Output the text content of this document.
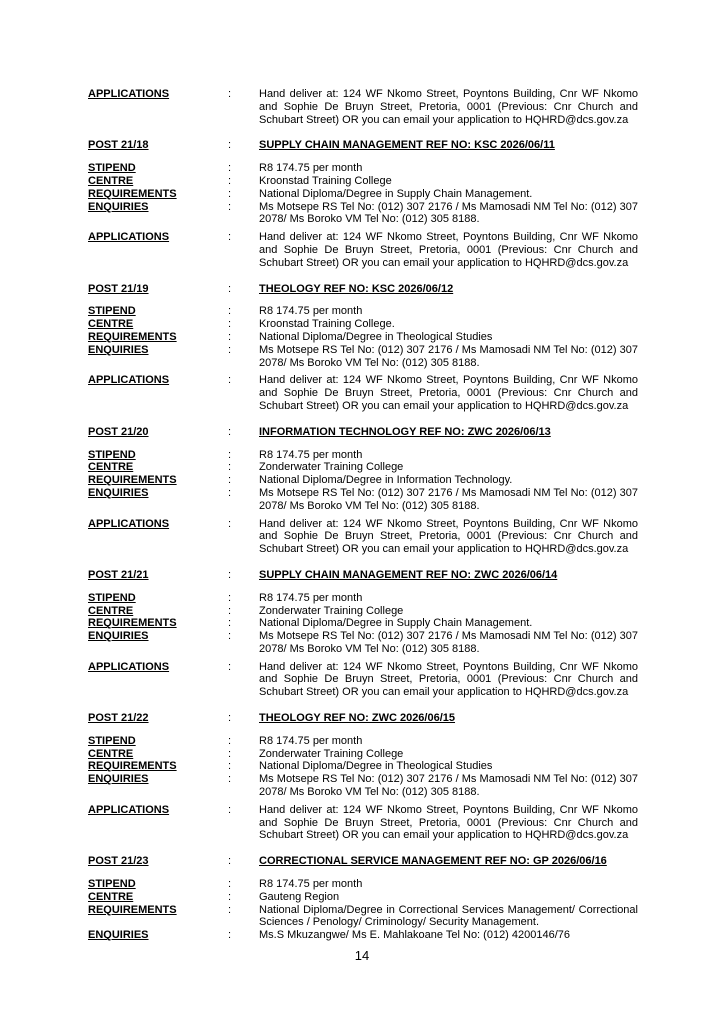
APPLICATIONS	:	Hand deliver at: 124 WF Nkomo Street, Poyntons Building, Cnr WF Nkomo and Sophie De Bruyn Street, Pretoria, 0001 (Previous: Cnr Church and Schubart Street) OR you can email your application to HQHRD@dcs.gov.za
POST 21/18	:	SUPPLY CHAIN MANAGEMENT REF NO: KSC 2026/06/11
STIPEND	:	R8 174.75 per month
CENTRE	:	Kroonstad Training College
REQUIREMENTS	:	National Diploma/Degree in Supply Chain Management.
ENQUIRIES	:	Ms Motsepe RS Tel No: (012) 307 2176 / Ms Mamosadi NM Tel No: (012) 307 2078/ Ms Boroko VM Tel No: (012) 305 8188.
APPLICATIONS	:	Hand deliver at: 124 WF Nkomo Street, Poyntons Building, Cnr WF Nkomo and Sophie De Bruyn Street, Pretoria, 0001 (Previous: Cnr Church and Schubart Street) OR you can email your application to HQHRD@dcs.gov.za
POST 21/19	:	THEOLOGY REF NO: KSC 2026/06/12
STIPEND	:	R8 174.75 per month
CENTRE	:	Kroonstad Training College.
REQUIREMENTS	:	National Diploma/Degree in Theological Studies
ENQUIRIES	:	Ms Motsepe RS Tel No: (012) 307 2176 / Ms Mamosadi NM Tel No: (012) 307 2078/ Ms Boroko VM Tel No: (012) 305 8188.
APPLICATIONS	:	Hand deliver at: 124 WF Nkomo Street, Poyntons Building, Cnr WF Nkomo and Sophie De Bruyn Street, Pretoria, 0001 (Previous: Cnr Church and Schubart Street) OR you can email your application to HQHRD@dcs.gov.za
POST 21/20	:	INFORMATION TECHNOLOGY REF NO: ZWC 2026/06/13
STIPEND	:	R8 174.75 per month
CENTRE	:	Zonderwater Training College
REQUIREMENTS	:	National Diploma/Degree in Information Technology.
ENQUIRIES	:	Ms Motsepe RS Tel No: (012) 307 2176 / Ms Mamosadi NM Tel No: (012) 307 2078/ Ms Boroko VM Tel No: (012) 305 8188.
APPLICATIONS	:	Hand deliver at: 124 WF Nkomo Street, Poyntons Building, Cnr WF Nkomo and Sophie De Bruyn Street, Pretoria, 0001 (Previous: Cnr Church and Schubart Street) OR you can email your application to HQHRD@dcs.gov.za
POST 21/21	:	SUPPLY CHAIN MANAGEMENT REF NO: ZWC 2026/06/14
STIPEND	:	R8 174.75 per month
CENTRE	:	Zonderwater Training College
REQUIREMENTS	:	National Diploma/Degree in Supply Chain Management.
ENQUIRIES	:	Ms Motsepe RS Tel No: (012) 307 2176 / Ms Mamosadi NM Tel No: (012) 307 2078/ Ms Boroko VM Tel No: (012) 305 8188.
APPLICATIONS	:	Hand deliver at: 124 WF Nkomo Street, Poyntons Building, Cnr WF Nkomo and Sophie De Bruyn Street, Pretoria, 0001 (Previous: Cnr Church and Schubart Street) OR you can email your application to HQHRD@dcs.gov.za
POST 21/22	:	THEOLOGY REF NO: ZWC 2026/06/15
STIPEND	:	R8 174.75 per month
CENTRE	:	Zonderwater Training College
REQUIREMENTS	:	National Diploma/Degree in Theological Studies
ENQUIRIES	:	Ms Motsepe RS Tel No: (012) 307 2176 / Ms Mamosadi NM Tel No: (012) 307 2078/ Ms Boroko VM Tel No: (012) 305 8188.
APPLICATIONS	:	Hand deliver at: 124 WF Nkomo Street, Poyntons Building, Cnr WF Nkomo and Sophie De Bruyn Street, Pretoria, 0001 (Previous: Cnr Church and Schubart Street) OR you can email your application to HQHRD@dcs.gov.za
POST 21/23	:	CORRECTIONAL SERVICE MANAGEMENT REF NO: GP 2026/06/16
STIPEND	:	R8 174.75 per month
CENTRE	:	Gauteng Region
REQUIREMENTS	:	National Diploma/Degree in Correctional Services Management/ Correctional Sciences / Penology/ Criminology/ Security Management.
ENQUIRIES	:	Ms.S Mkuzangwe/ Ms E. Mahlakoane Tel No: (012) 4200146/76
14
